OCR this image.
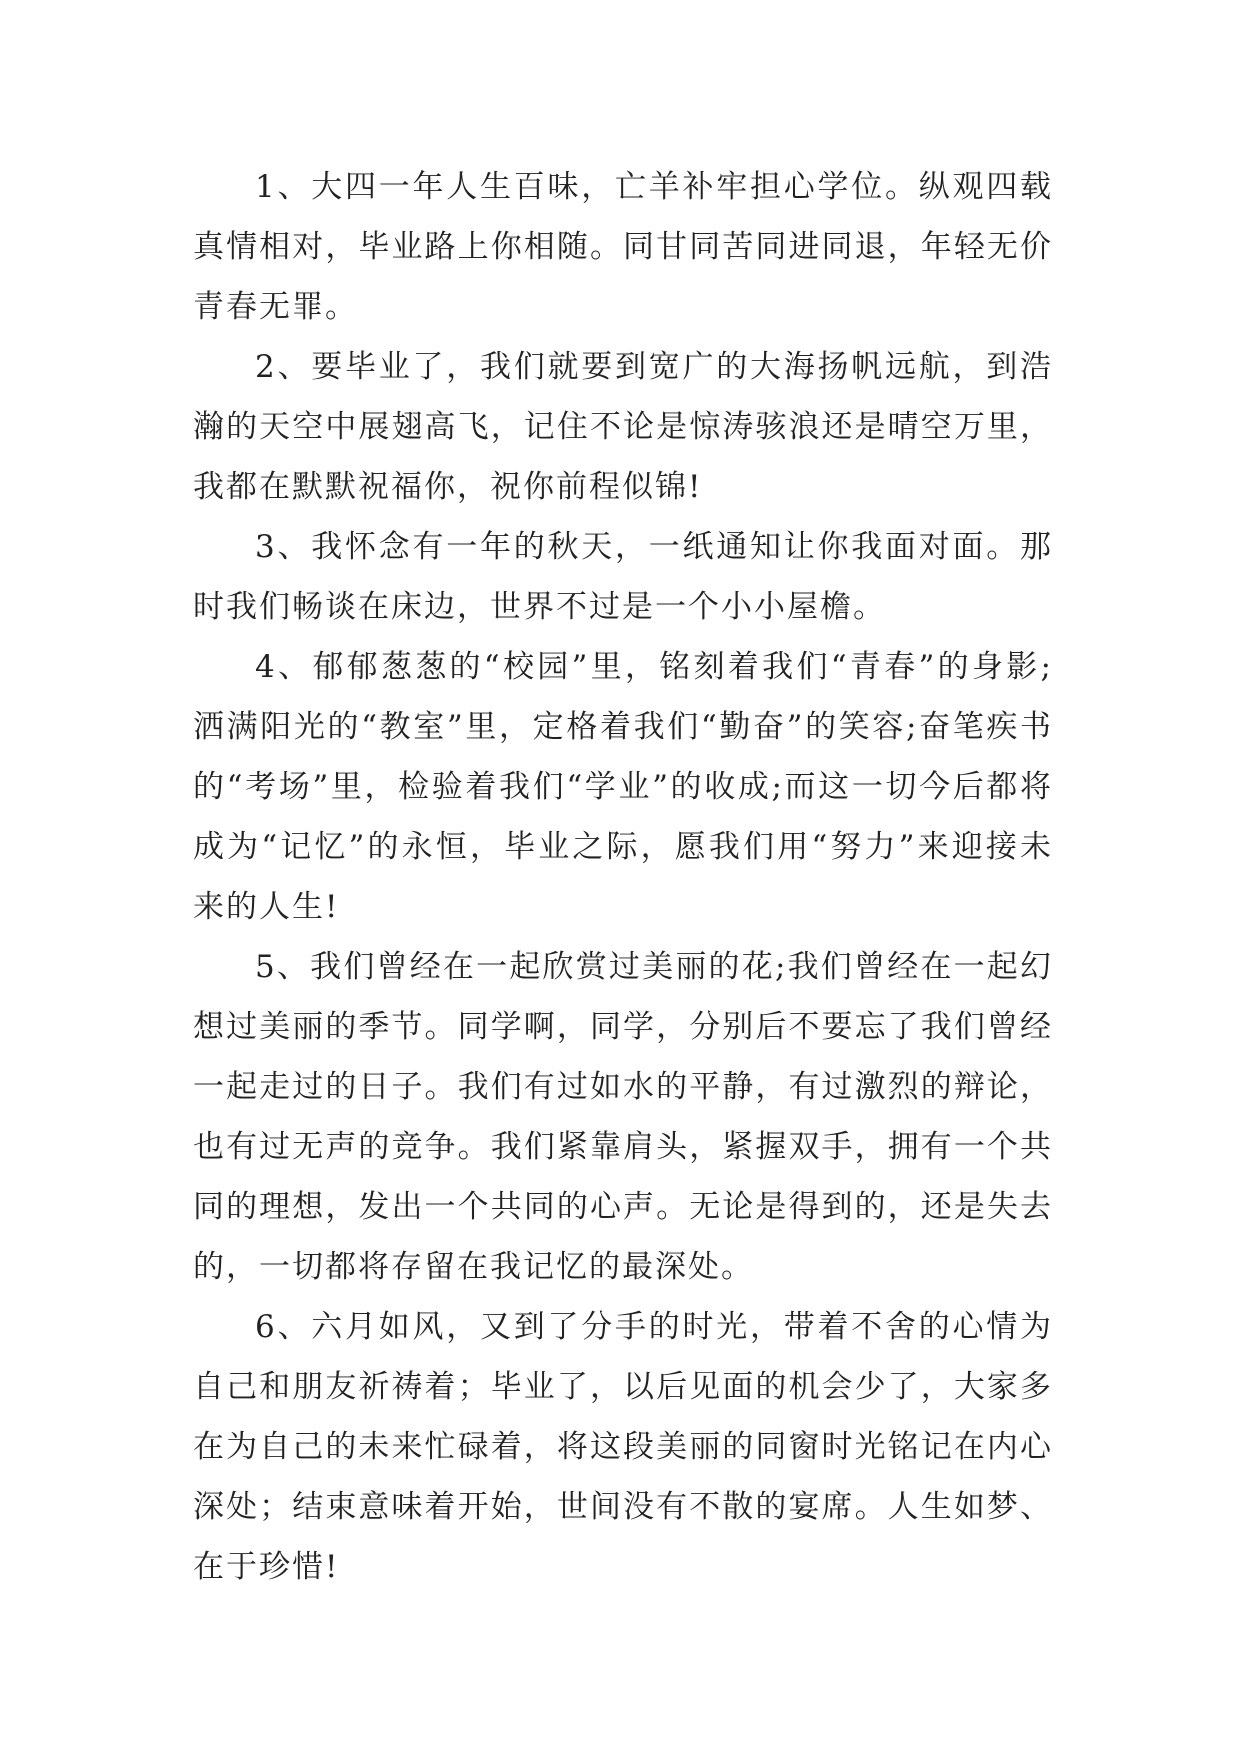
1、大四一年人生百味，亡羊补牢担心学位。纵观四载真情相对，毕业路上你相随。同甘同苦同进同退，年轻无价青春无罪。

2、要毕业了，我们就要到宽广的大海扬帆远航，到浩瀚的天空中展翅高飞，记住不论是惊涛骇浪还是晴空万里，我都在默默祝福你，祝你前程似锦!

3、我怀念有一年的秋天，一纸通知让你我面对面。那时我们畅谈在床边，世界不过是一个小小屋檐。

4、郁郁葱葱的“校园”里，铭刻着我们“青春”的身影;洒满阳光的“教室”里，定格着我们“勤奋”的笑容;奋笔疾书的“考场”里，检验着我们“学业”的收成;而这一切今后都将成为“记忆”的永恒，毕业之际，愿我们用“努力”来迎接未来的人生!

5、我们曾经在一起欣赏过美丽的花;我们曾经在一起幻想过美丽的季节。同学啊，同学，分别后不要忘了我们曾经一起走过的日子。我们有过如水的平静，有过激烈的辩论，也有过无声的竞争。我们紧靠肩头，紧握双手，拥有一个共同的理想，发出一个共同的心声。无论是得到的，还是失去的，一切都将存留在我记忆的最深处。

6、六月如风，又到了分手的时光，带着不舍的心情为自己和朋友祈祷着；毕业了，以后见面的机会少了，大家多在为自己的未来忙碌着，将这段美丽的同窗时光铭记在内心深处；结束意味着开始，世间没有不散的宴席。人生如梦、在于珍惜!
